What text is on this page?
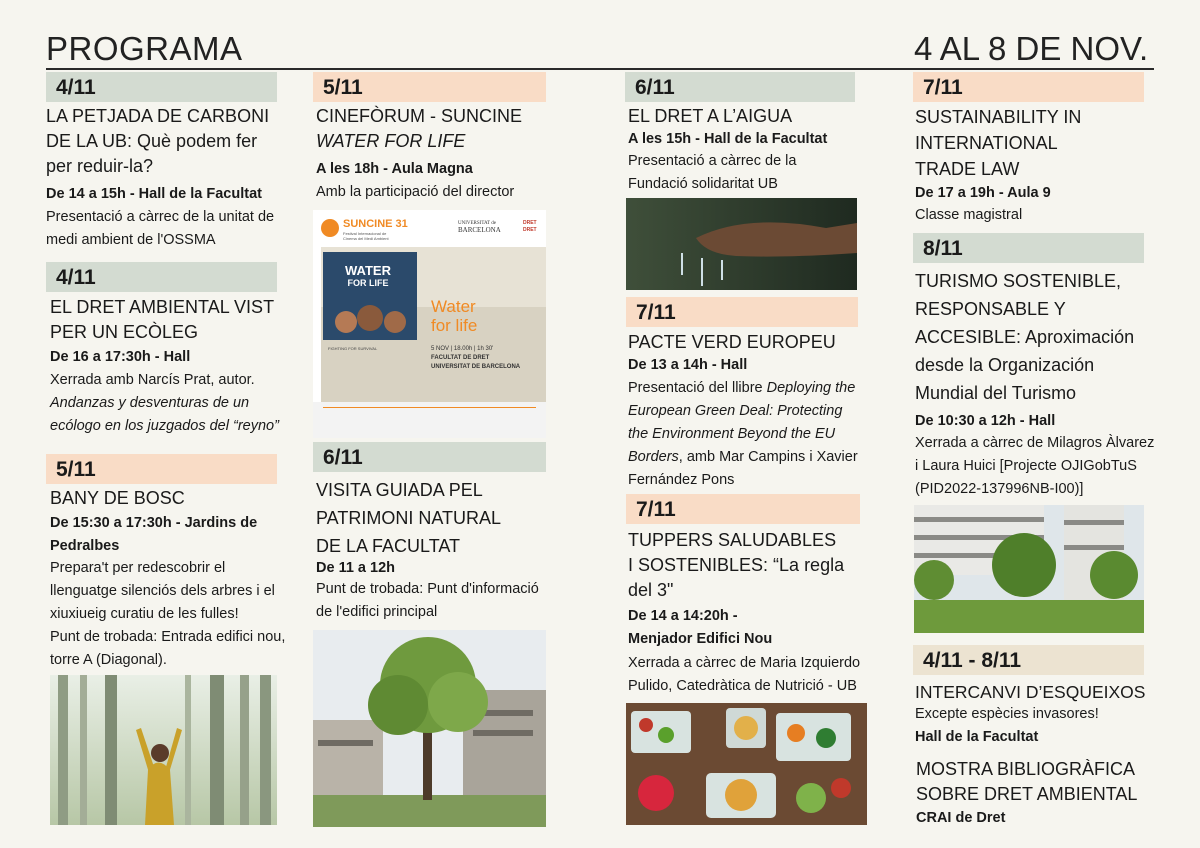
PROGRAMA	4 AL 8 DE NOV.
4/11
LA PETJADA DE CARBONI
DE LA UB: Què podem fer
per reduir-la?
De 14 a 15h - Hall de la Facultat
Presentació a càrrec de la unitat de
medi ambient de l'OSSMA
4/11
EL DRET AMBIENTAL VIST
PER UN ECÒLEG
De 16 a 17:30h - Hall
Xerrada amb Narcís Prat, autor.
Andanzas y desventuras de un
ecólogo en los juzgados del “reyno”
5/11
BANY DE BOSC
De 15:30 a 17:30h - Jardins de
Pedralbes
Prepara't per redescobrir el
llenguatge silenciós dels arbres i el
xiuxiueig curatiu de les fulles!
Punt de trobada: Entrada edifici nou,
torre A (Diagonal).
5/11
CINEFÒRUM - SUNCINE
WATER FOR LIFE
A les 18h - Aula Magna
Amb la participació del director
SUNCINE 31
Festival Internacional de
Cinema del Medi Ambient
UNIVERSITAT de
BARCELONA
DRET
DRET
WATER
FOR LIFE
FIGHTING FOR SURVIVAL
Water
for life
5 NOV | 18.00h | 1h 30'
FACULTAT DE DRET
UNIVERSITAT DE BARCELONA
6/11
VISITA GUIADA PEL
PATRIMONI NATURAL
DE LA FACULTAT
De 11 a 12h
Punt de trobada: Punt d'informació
de l'edifici principal
6/11
EL DRET A L’AIGUA
A les 15h - Hall de la Facultat
Presentació a càrrec de la
Fundació solidaritat UB
7/11
PACTE VERD EUROPEU
De 13 a 14h - Hall
Presentació del llibre Deploying the
European Green Deal: Protecting
the Environment Beyond the EU
Borders, amb Mar Campins i Xavier
Fernández Pons
7/11
TUPPERS SALUDABLES
I SOSTENIBLES: “La regla
del 3"
De 14 a 14:20h -
Menjador Edifici Nou
Xerrada a càrrec de Maria Izquierdo
Pulido, Catedràtica de Nutrició - UB
7/11
SUSTAINABILITY IN
INTERNATIONAL
TRADE LAW
De 17 a 19h - Aula 9
Classe magistral
8/11
TURISMO SOSTENIBLE,
RESPONSABLE Y
ACCESIBLE: Aproximación
desde la Organización
Mundial del Turismo
De 10:30 a 12h - Hall
Xerrada a càrrec de Milagros Àlvarez
i Laura Huici [Projecte OJIGobTuS
(PID2022-137996NB-I00)]
4/11 - 8/11
INTERCANVI D’ESQUEIXOS
Excepte espècies invasores!
Hall de la Facultat
MOSTRA BIBLIOGRÀFICA
SOBRE DRET AMBIENTAL
CRAI de Dret
